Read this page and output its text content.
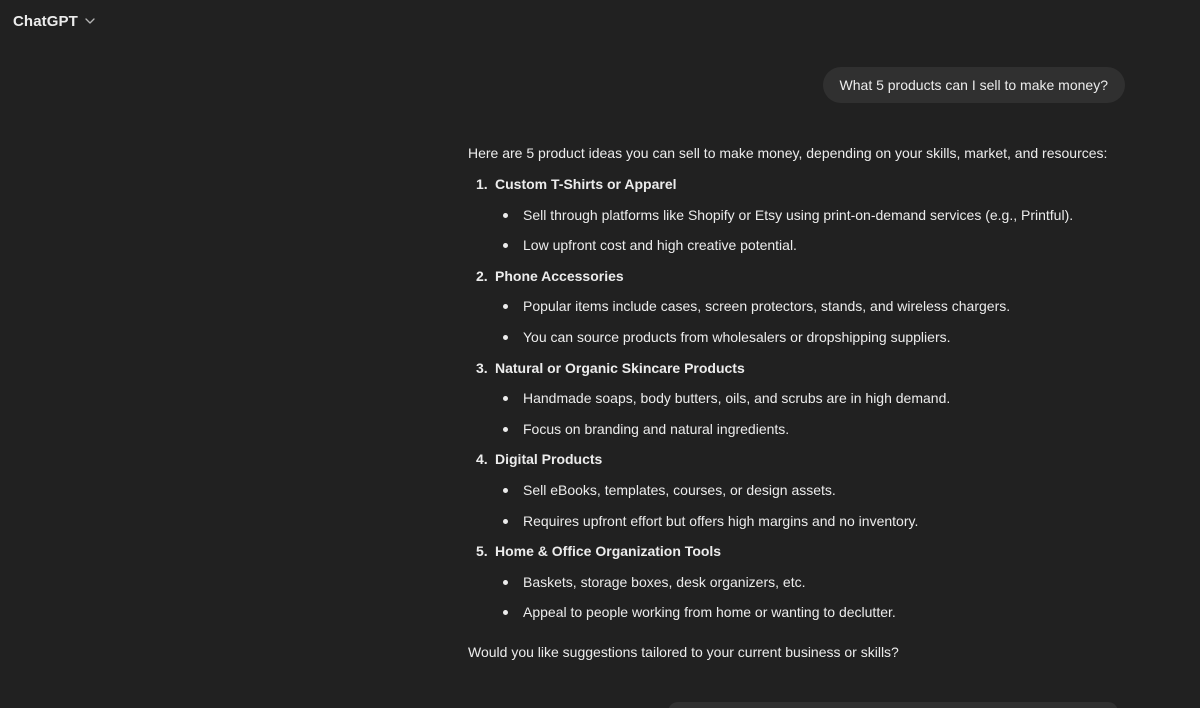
ChatGPT
What 5 products can I sell to make money?
Here are 5 product ideas you can sell to make money, depending on your skills, market, and resources:
1. Custom T-Shirts or Apparel
Sell through platforms like Shopify or Etsy using print-on-demand services (e.g., Printful).
Low upfront cost and high creative potential.
2. Phone Accessories
Popular items include cases, screen protectors, stands, and wireless chargers.
You can source products from wholesalers or dropshipping suppliers.
3. Natural or Organic Skincare Products
Handmade soaps, body butters, oils, and scrubs are in high demand.
Focus on branding and natural ingredients.
4. Digital Products
Sell eBooks, templates, courses, or design assets.
Requires upfront effort but offers high margins and no inventory.
5. Home & Office Organization Tools
Baskets, storage boxes, desk organizers, etc.
Appeal to people working from home or wanting to declutter.
Would you like suggestions tailored to your current business or skills?
